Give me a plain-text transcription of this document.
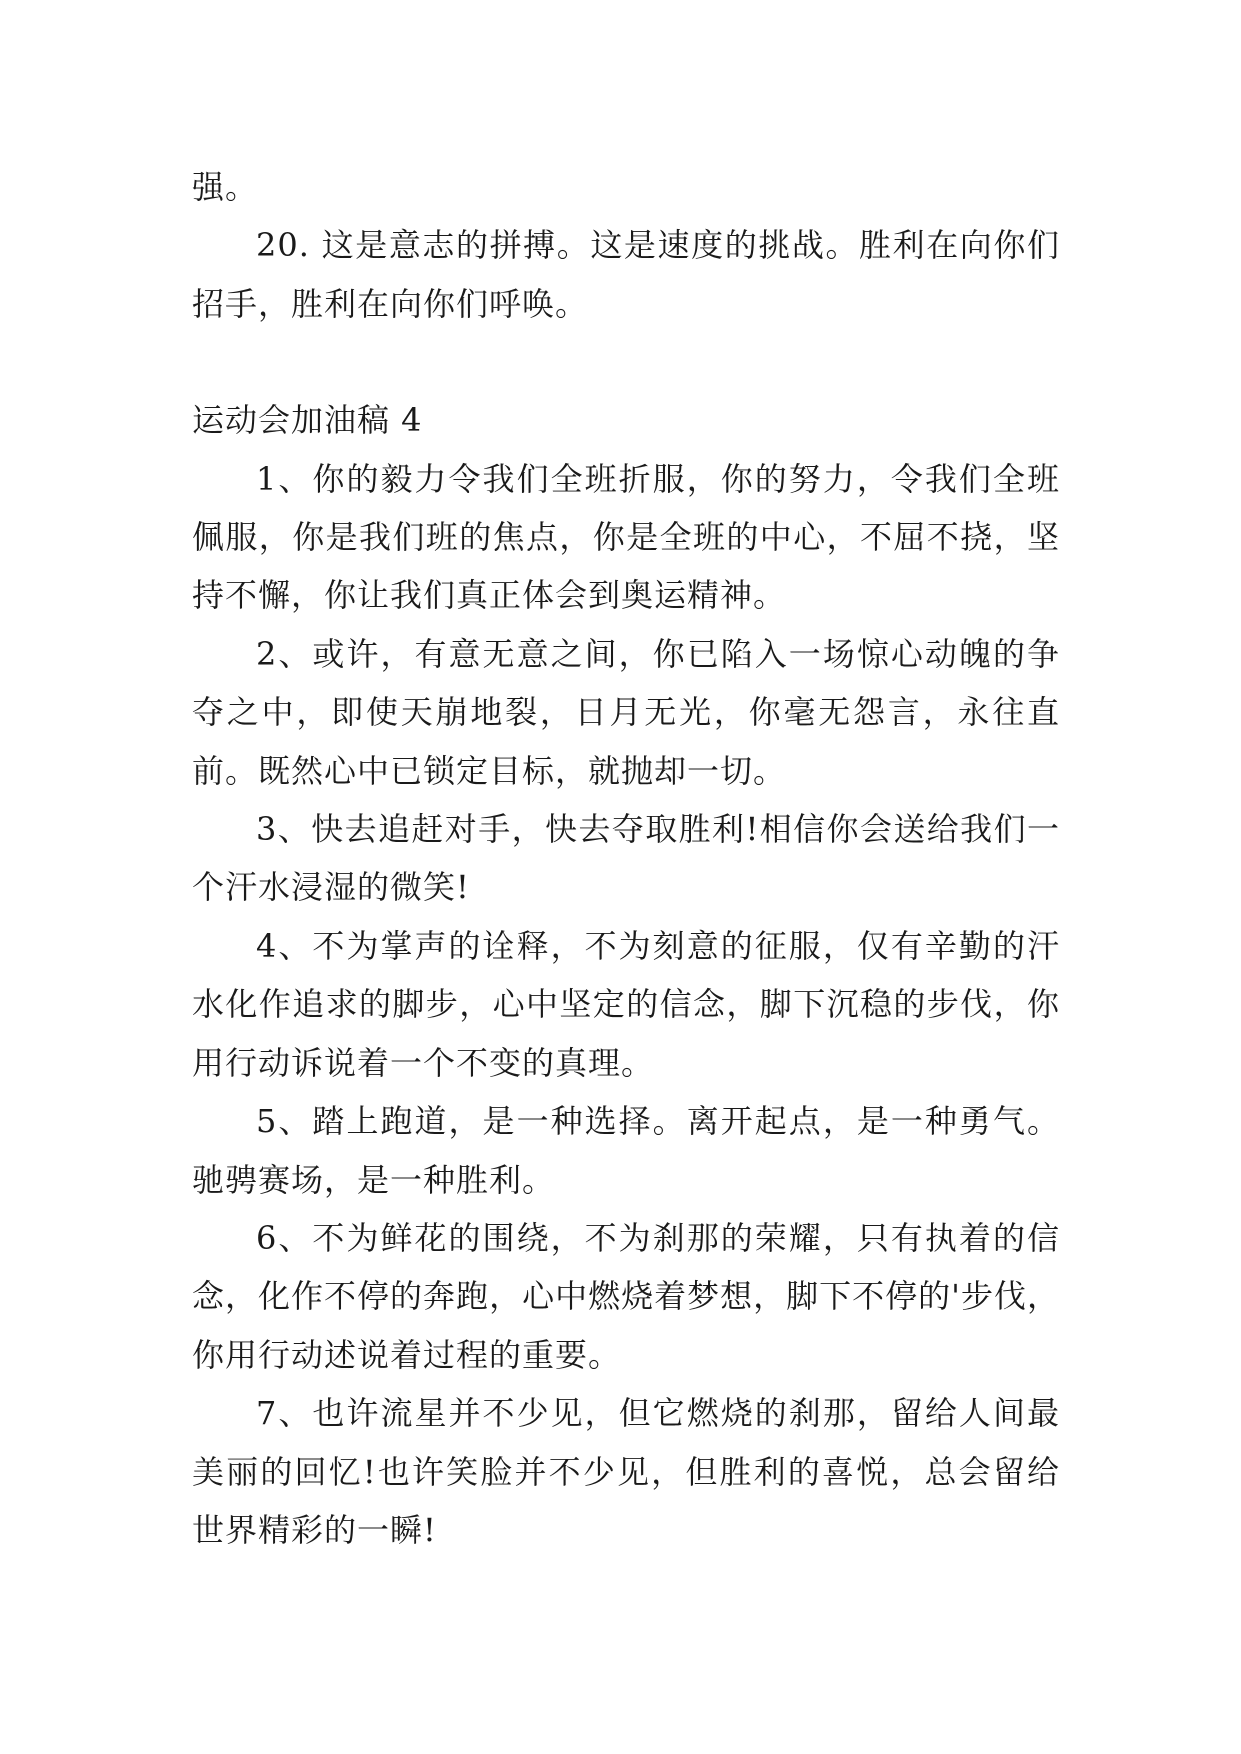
强。

20. 这是意志的拼搏。这是速度的挑战。胜利在向你们招手，胜利在向你们呼唤。

运动会加油稿 4

1、你的毅力令我们全班折服，你的努力，令我们全班佩服，你是我们班的焦点，你是全班的中心，不屈不挠，坚持不懈，你让我们真正体会到奥运精神。

2、或许，有意无意之间，你已陷入一场惊心动魄的争夺之中，即使天崩地裂，日月无光，你毫无怨言，永往直前。既然心中已锁定目标，就抛却一切。

3、快去追赶对手，快去夺取胜利!相信你会送给我们一个汗水浸湿的微笑!

4、不为掌声的诠释，不为刻意的征服，仅有辛勤的汗水化作追求的脚步，心中坚定的信念，脚下沉稳的步伐，你用行动诉说着一个不变的真理。

5、踏上跑道，是一种选择。离开起点，是一种勇气。驰骋赛场，是一种胜利。

6、不为鲜花的围绕，不为刹那的荣耀，只有执着的信念，化作不停的奔跑，心中燃烧着梦想，脚下不停的'步伐，你用行动述说着过程的重要。

7、也许流星并不少见，但它燃烧的刹那，留给人间最美丽的回忆!也许笑脸并不少见，但胜利的喜悦，总会留给世界精彩的一瞬!
